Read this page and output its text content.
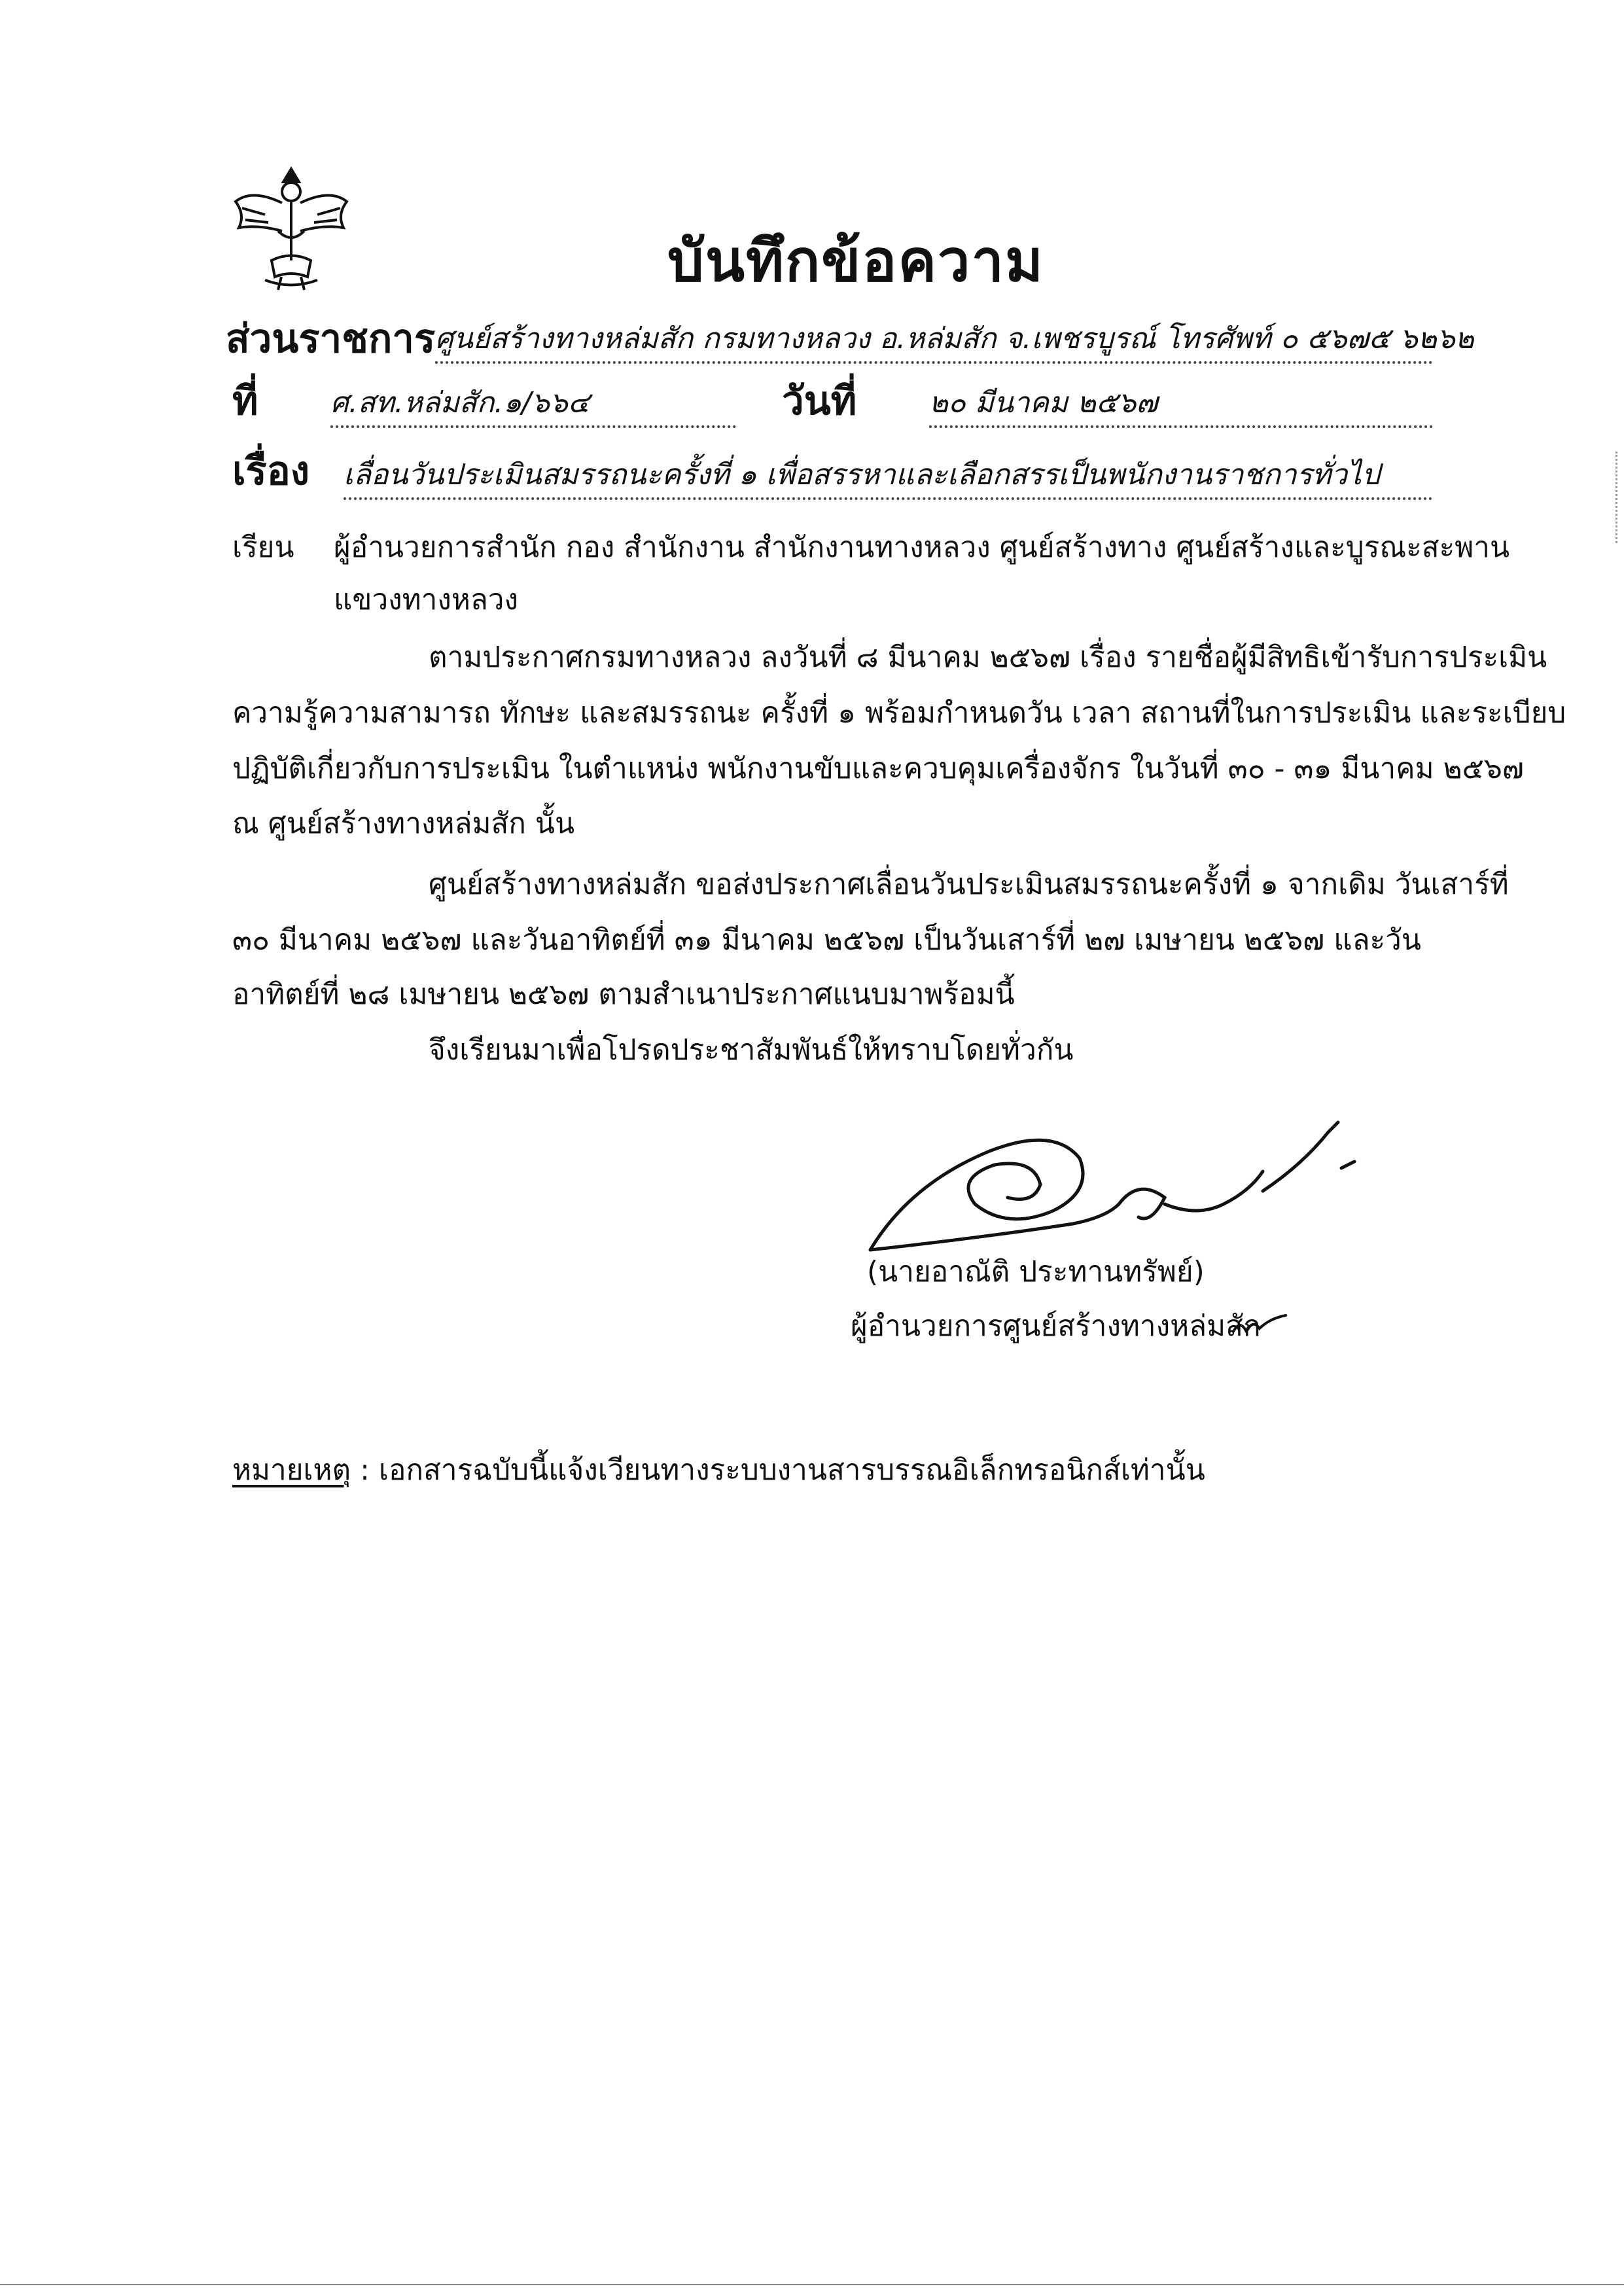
บันทึกข้อความ
ส่วนราชการ ศูนย์สร้างทางหล่มสัก กรมทางหลวง อ.หล่มสัก จ.เพชรบูรณ์ โทรศัพท์ ๐ ๕๖๗๕ ๖๒๖๒
ที่	ศ.สท.หล่มสัก.๑/๖๖๔	วันที่	๒๐ มีนาคม ๒๕๖๗
เรื่อง เลื่อนวันประเมินสมรรถนะครั้งที่ ๑ เพื่อสรรหาและเลือกสรรเป็นพนักงานราชการทั่วไป
เรียน ผู้อำนวยการสำนัก กอง สำนักงาน สำนักงานทางหลวง ศูนย์สร้างทาง ศูนย์สร้างและบูรณะสะพาน
แขวงทางหลวง
ตามประกาศกรมทางหลวง ลงวันที่ ๘ มีนาคม ๒๕๖๗ เรื่อง รายชื่อผู้มีสิทธิเข้ารับการประเมิน
ความรู้ความสามารถ ทักษะ และสมรรถนะ ครั้งที่ ๑ พร้อมกำหนดวัน เวลา สถานที่ในการประเมิน และระเบียบ
ปฏิบัติเกี่ยวกับการประเมิน ในตำแหน่ง พนักงานขับและควบคุมเครื่องจักร ในวันที่ ๓๐ - ๓๑ มีนาคม ๒๕๖๗
ณ ศูนย์สร้างทางหล่มสัก นั้น
ศูนย์สร้างทางหล่มสัก ขอส่งประกาศเลื่อนวันประเมินสมรรถนะครั้งที่ ๑ จากเดิม วันเสาร์ที่
๓๐ มีนาคม ๒๕๖๗ และวันอาทิตย์ที่ ๓๑ มีนาคม ๒๕๖๗ เป็นวันเสาร์ที่ ๒๗ เมษายน ๒๕๖๗ และวัน
อาทิตย์ที่ ๒๘ เมษายน ๒๕๖๗ ตามสำเนาประกาศแนบมาพร้อมนี้
จึงเรียนมาเพื่อโปรดประชาสัมพันธ์ให้ทราบโดยทั่วกัน
(นายอาณัติ ประทานทรัพย์)
ผู้อำนวยการศูนย์สร้างทางหล่มสัก
หมายเหตุ : เอกสารฉบับนี้แจ้งเวียนทางระบบงานสารบรรณอิเล็กทรอนิกส์เท่านั้น
